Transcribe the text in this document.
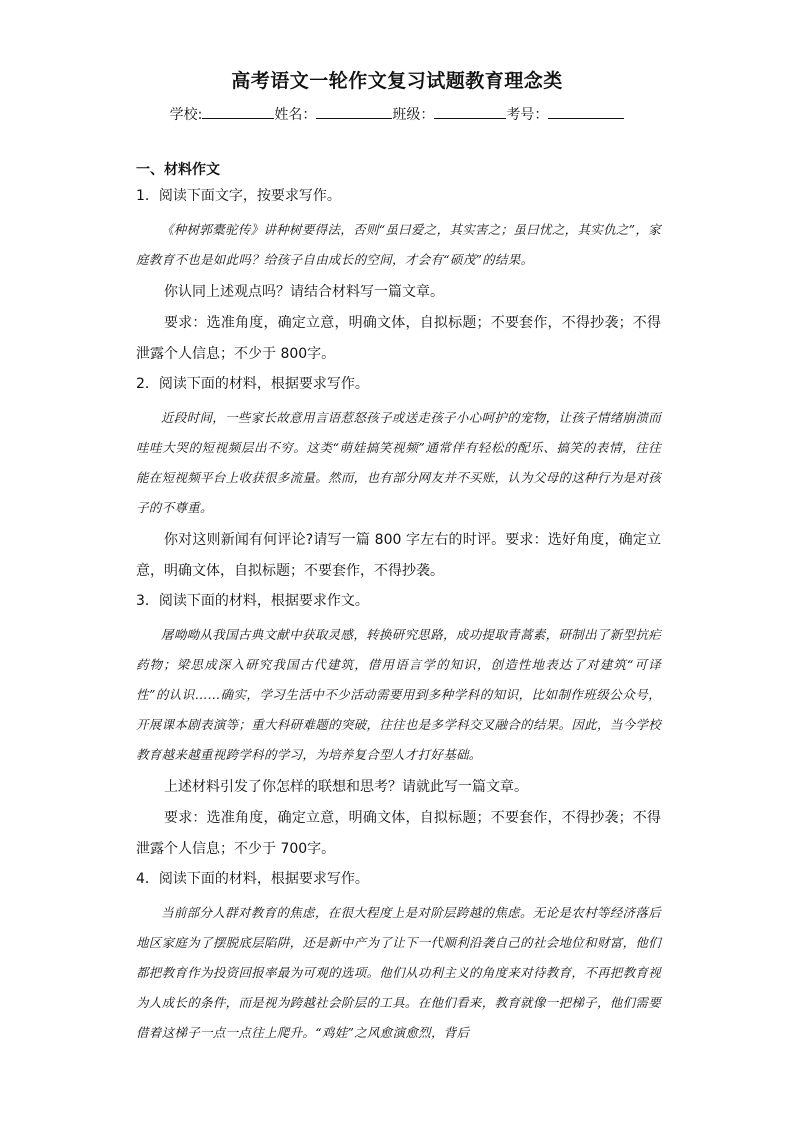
高考语文一轮作文复习试题教育理念类
学校:	姓名：	班级：	考号：
一、材料作文
1．阅读下面文字，按要求写作。

《种树郭橐驼传》讲种树要得法，否则“虽曰爱之，其实害之；虽曰忧之，其实仇之”，家庭教育不也是如此吗？给孩子自由成长的空间，才会有“硕茂”的结果。

你认同上述观点吗？请结合材料写一篇文章。

要求：选准角度，确定立意，明确文体，自拟标题；不要套作，不得抄袭；不得泄露个人信息；不少于 800字。

2．阅读下面的材料，根据要求写作。

近段时间，一些家长故意用言语惹怒孩子或送走孩子小心呵护的宠物，让孩子情绪崩溃而哇哇大哭的短视频层出不穷。这类“萌娃搞笑视频”通常伴有轻松的配乐、搞笑的表情，往往能在短视频平台上收获很多流量。然而，也有部分网友并不买账，认为父母的这种行为是对孩子的不尊重。

你对这则新闻有何评论?请写一篇 800 字左右的时评。要求：选好角度，确定立意，明确文体，自拟标题；不要套作，不得抄袭。

3．阅读下面的材料，根据要求作文。

屠呦呦从我国古典文献中获取灵感，转换研究思路，成功提取青蒿素，研制出了新型抗疟药物；梁思成深入研究我国古代建筑，借用语言学的知识，创造性地表达了对建筑“可译性”的认识……确实，学习生活中不少活动需要用到多种学科的知识，比如制作班级公众号，开展课本剧表演等；重大科研难题的突破，往往也是多学科交叉融合的结果。因此，当今学校教育越来越重视跨学科的学习，为培养复合型人才打好基础。

上述材料引发了你怎样的联想和思考？请就此写一篇文章。

要求：选准角度，确定立意，明确文体，自拟标题；不要套作，不得抄袭；不得泄露个人信息；不少于 700字。

4．阅读下面的材料，根据要求写作。

当前部分人群对教育的焦虑，在很大程度上是对阶层跨越的焦虑。无论是农村等经济落后地区家庭为了摆脱底层陷阱，还是新中产为了让下一代顺利沿袭自己的社会地位和财富，他们都把教育作为投资回报率最为可观的选项。他们从功利主义的角度来对待教育，不再把教育视为人成长的条件，而是视为跨越社会阶层的工具。在他们看来，教育就像一把梯子，他们需要借着这梯子一点一点往上爬升。“鸡娃”之风愈演愈烈，背后
